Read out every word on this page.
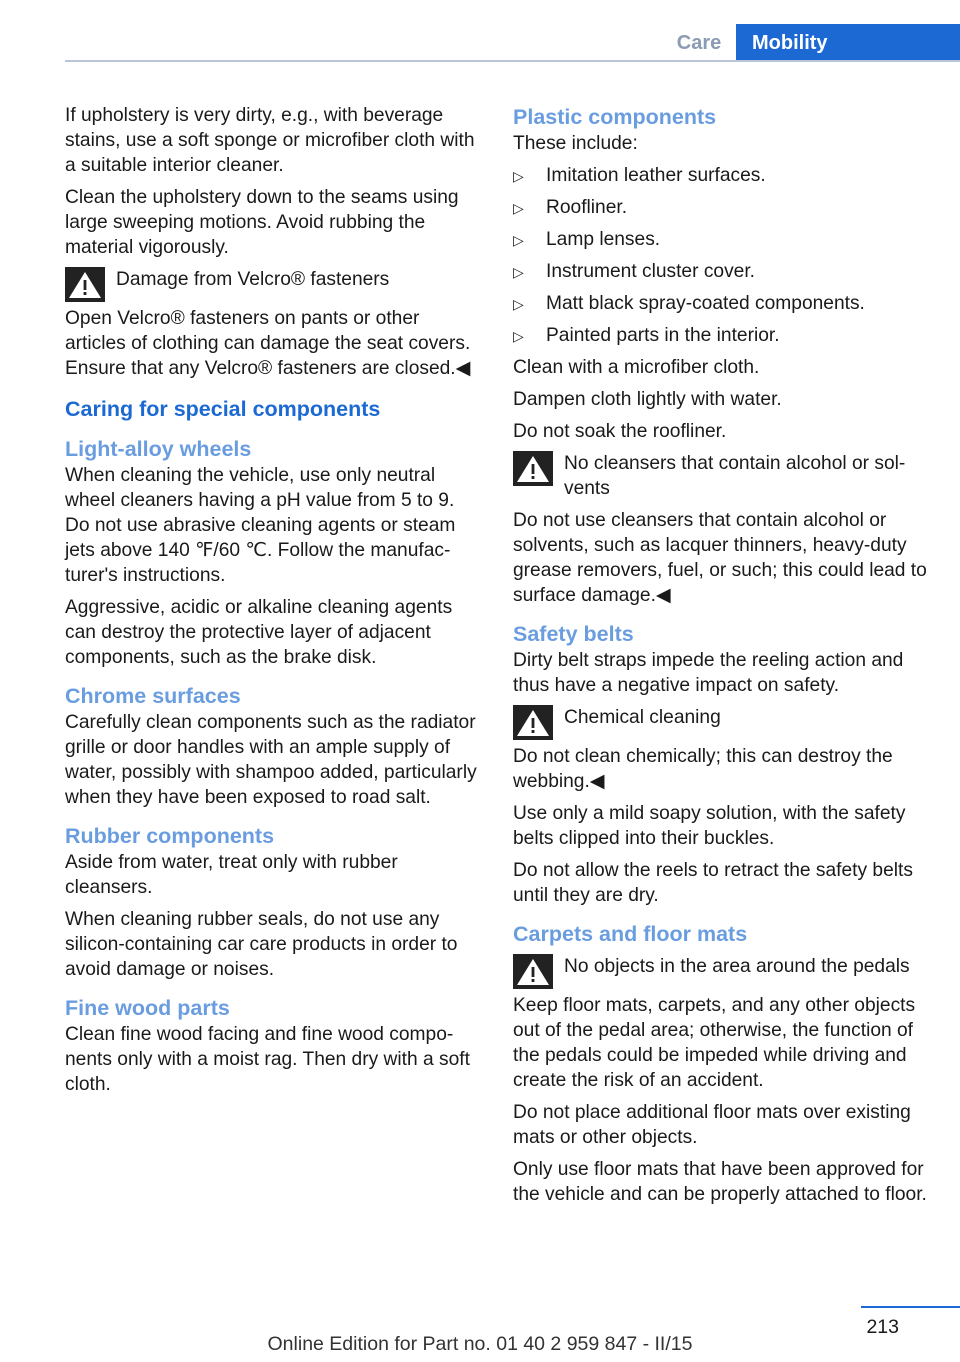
Care	Mobility

If upholstery is very dirty, e.g., with beverage stains, use a soft sponge or microfiber cloth with a suitable interior cleaner.

Clean the upholstery down to the seams using large sweeping motions. Avoid rubbing the material vigorously.

Damage from Velcro® fasteners
Open Velcro® fasteners on pants or other articles of clothing can damage the seat covers. Ensure that any Velcro® fasteners are closed.◀
Caring for special components
Light-alloy wheels

When cleaning the vehicle, use only neutral wheel cleaners having a pH value from 5 to 9. Do not use abrasive cleaning agents or steam jets above 140 ℉/60 ℃. Follow the manufacturer's instructions.

Aggressive, acidic or alkaline cleaning agents can destroy the protective layer of adjacent components, such as the brake disk.

Chrome surfaces

Carefully clean components such as the radiator grille or door handles with an ample supply of water, possibly with shampoo added, particularly when they have been exposed to road salt.

Rubber components

Aside from water, treat only with rubber cleansers.

When cleaning rubber seals, do not use any silicon-containing car care products in order to avoid damage or noises.

Fine wood parts

Clean fine wood facing and fine wood components only with a moist rag. Then dry with a soft cloth.

Plastic components

These include:

▷ Imitation leather surfaces.
▷ Roofliner.
▷ Lamp lenses.
▷ Instrument cluster cover.
▷ Matt black spray-coated components.
▷ Painted parts in the interior.

Clean with a microfiber cloth.

Dampen cloth lightly with water.

Do not soak the roofliner.

No cleansers that contain alcohol or solvents
Do not use cleansers that contain alcohol or solvents, such as lacquer thinners, heavy-duty grease removers, fuel, or such; this could lead to surface damage.◀
Safety belts

Dirty belt straps impede the reeling action and thus have a negative impact on safety.

Chemical cleaning
Do not clean chemically; this can destroy the webbing.◀

Use only a mild soapy solution, with the safety belts clipped into their buckles.

Do not allow the reels to retract the safety belts until they are dry.

Carpets and floor mats
No objects in the area around the pedals
Keep floor mats, carpets, and any other objects out of the pedal area; otherwise, the function of the pedals could be impeded while driving and create the risk of an accident.

Do not place additional floor mats over existing mats or other objects.

Only use floor mats that have been approved for the vehicle and can be properly attached to floor.

213
Online Edition for Part no. 01 40 2 959 847 - II/15
